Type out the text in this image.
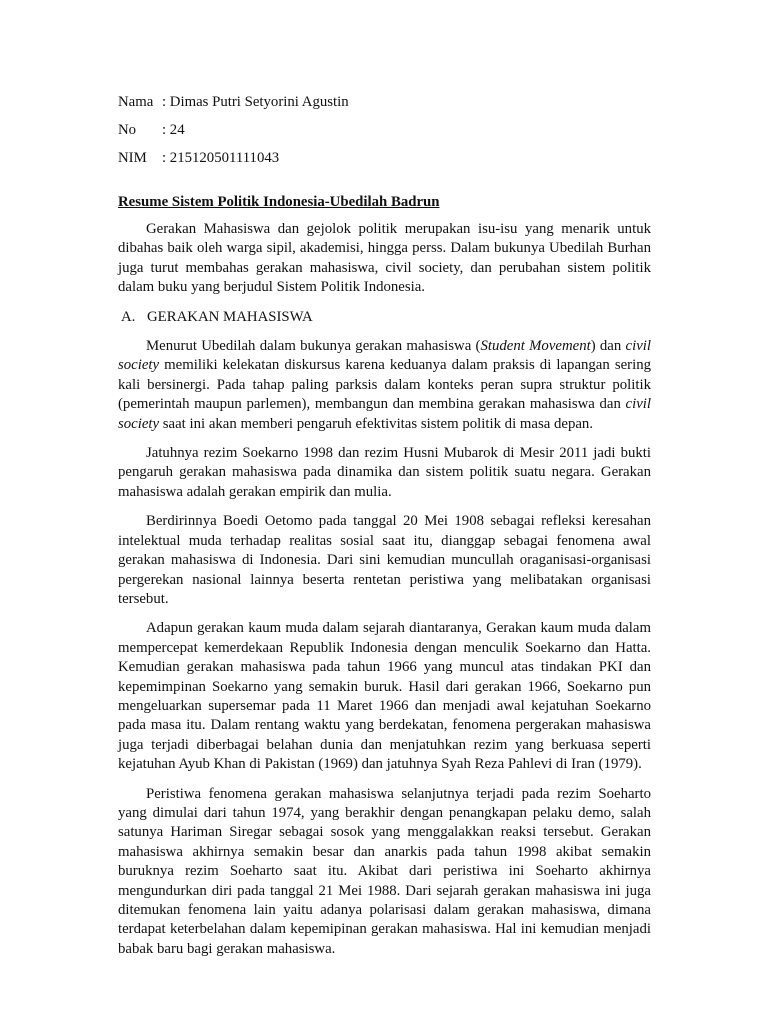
Nama : Dimas Putri Setyorini Agustin
No : 24
NIM : 215120501111043
Resume Sistem Politik Indonesia-Ubedilah Badrun

Gerakan Mahasiswa dan gejolok politik merupakan isu-isu yang menarik untuk dibahas baik oleh warga sipil, akademisi, hingga perss. Dalam bukunya Ubedilah Burhan juga turut membahas gerakan mahasiswa, civil society, dan perubahan sistem politik dalam buku yang berjudul Sistem Politik Indonesia.

A. GERAKAN MAHASISWA

Menurut Ubedilah dalam bukunya gerakan mahasiswa (Student Movement) dan civil society memiliki kelekatan diskursus karena keduanya dalam praksis di lapangan sering kali bersinergi. Pada tahap paling parksis dalam konteks peran supra struktur politik (pemerintah maupun parlemen), membangun dan membina gerakan mahasiswa dan civil society saat ini akan memberi pengaruh efektivitas sistem politik di masa depan.

Jatuhnya rezim Soekarno 1998 dan rezim Husni Mubarok di Mesir 2011 jadi bukti pengaruh gerakan mahasiswa pada dinamika dan sistem politik suatu negara. Gerakan mahasiswa adalah gerakan empirik dan mulia.

Berdirinnya Boedi Oetomo pada tanggal 20 Mei 1908 sebagai refleksi keresahan intelektual muda terhadap realitas sosial saat itu, dianggap sebagai fenomena awal gerakan mahasiswa di Indonesia. Dari sini kemudian muncullah oraganisasi-organisasi pergerekan nasional lainnya beserta rentetan peristiwa yang melibatakan organisasi tersebut.

Adapun gerakan kaum muda dalam sejarah diantaranya, Gerakan kaum muda dalam mempercepat kemerdekaan Republik Indonesia dengan menculik Soekarno dan Hatta. Kemudian gerakan mahasiswa pada tahun 1966 yang muncul atas tindakan PKI dan kepemimpinan Soekarno yang semakin buruk. Hasil dari gerakan 1966, Soekarno pun mengeluarkan supersemar pada 11 Maret 1966 dan menjadi awal kejatuhan Soekarno pada masa itu. Dalam rentang waktu yang berdekatan, fenomena pergerakan mahasiswa juga terjadi diberbagai belahan dunia dan menjatuhkan rezim yang berkuasa seperti kejatuhan Ayub Khan di Pakistan (1969) dan jatuhnya Syah Reza Pahlevi di Iran (1979).

Peristiwa fenomena gerakan mahasiswa selanjutnya terjadi pada rezim Soeharto yang dimulai dari tahun 1974, yang berakhir dengan penangkapan pelaku demo, salah satunya Hariman Siregar sebagai sosok yang menggalakkan reaksi tersebut. Gerakan mahasiswa akhirnya semakin besar dan anarkis pada tahun 1998 akibat semakin buruknya rezim Soeharto saat itu. Akibat dari peristiwa ini Soeharto akhirnya mengundurkan diri pada tanggal 21 Mei 1988. Dari sejarah gerakan mahasiswa ini juga ditemukan fenomena lain yaitu adanya polarisasi dalam gerakan mahasiswa, dimana terdapat keterbelahan dalam kepemipinan gerakan mahasiswa. Hal ini kemudian menjadi babak baru bagi gerakan mahasiswa.
